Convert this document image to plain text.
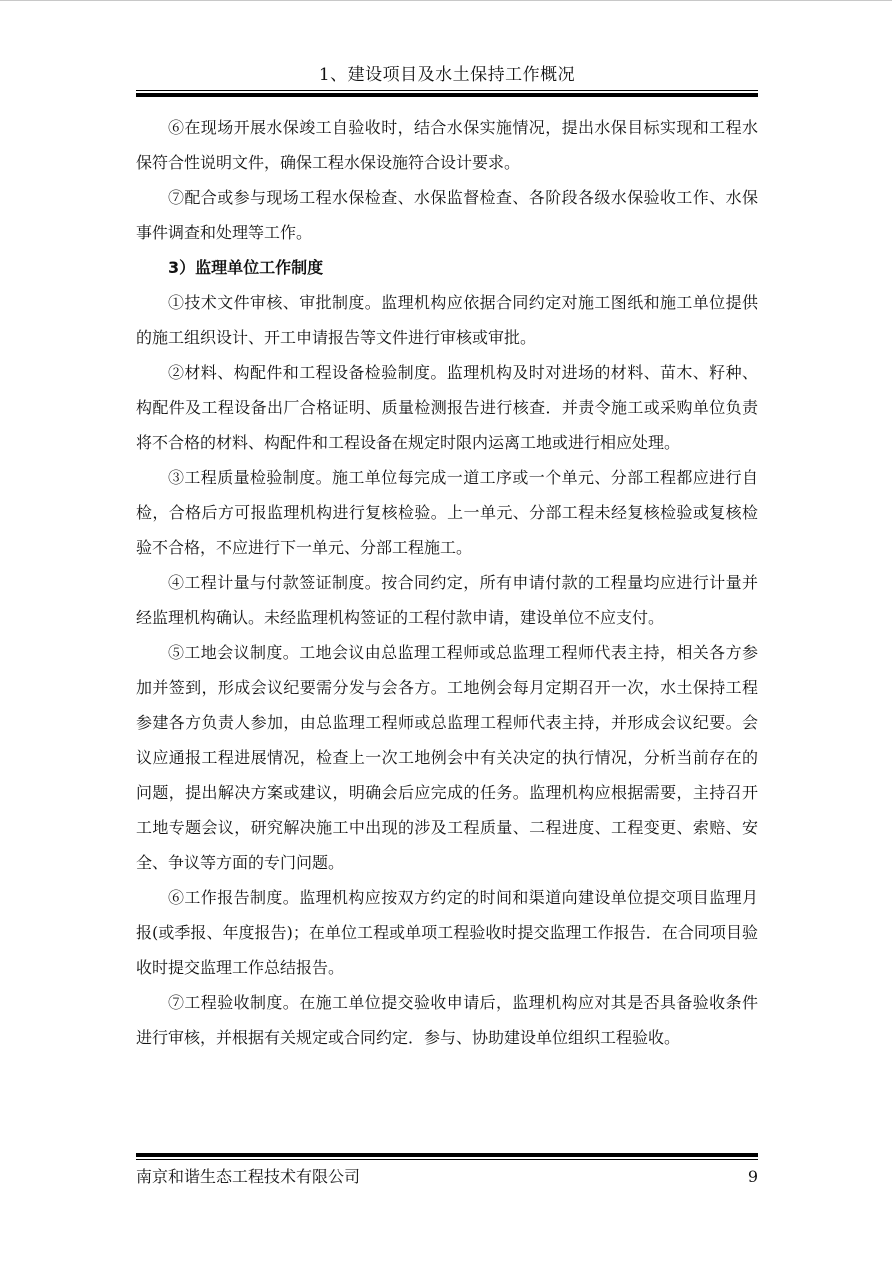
1、建设项目及水土保持工作概况

⑥在现场开展水保竣工自验收时，结合水保实施情况，提出水保目标实现和工程水保符合性说明文件，确保工程水保设施符合设计要求。

⑦配合或参与现场工程水保检查、水保监督检查、各阶段各级水保验收工作、水保事件调查和处理等工作。

3）监理单位工作制度

①技术文件审核、审批制度。监理机构应依据合同约定对施工图纸和施工单位提供的施工组织设计、开工申请报告等文件进行审核或审批。

②材料、构配件和工程设备检验制度。监理机构及时对进场的材料、苗木、籽种、构配件及工程设备出厂合格证明、质量检测报告进行核查．并责令施工或采购单位负责将不合格的材料、构配件和工程设备在规定时限内运离工地或进行相应处理。

③工程质量检验制度。施工单位每完成一道工序或一个单元、分部工程都应进行自检，合格后方可报监理机构进行复核检验。上一单元、分部工程未经复核检验或复核检验不合格，不应进行下一单元、分部工程施工。

④工程计量与付款签证制度。按合同约定，所有申请付款的工程量均应进行计量并经监理机构确认。未经监理机构签证的工程付款申请，建设单位不应支付。

⑤工地会议制度。工地会议由总监理工程师或总监理工程师代表主持，相关各方参加并签到，形成会议纪要需分发与会各方。工地例会每月定期召开一次，水土保持工程参建各方负责人参加，由总监理工程师或总监理工程师代表主持，并形成会议纪要。会议应通报工程进展情况，检查上一次工地例会中有关决定的执行情况，分析当前存在的问题，提出解决方案或建议，明确会后应完成的任务。监理机构应根据需要，主持召开工地专题会议，研究解决施工中出现的涉及工程质量、二程进度、工程变更、索赔、安全、争议等方面的专门问题。

⑥工作报告制度。监理机构应按双方约定的时间和渠道向建设单位提交项目监理月报(或季报、年度报告)；在单位工程或单项工程验收时提交监理工作报告．在合同项目验收时提交监理工作总结报告。

⑦工程验收制度。在施工单位提交验收申请后，监理机构应对其是否具备验收条件进行审核，并根据有关规定或合同约定．参与、协助建设单位组织工程验收。

南京和谐生态工程技术有限公司	9
